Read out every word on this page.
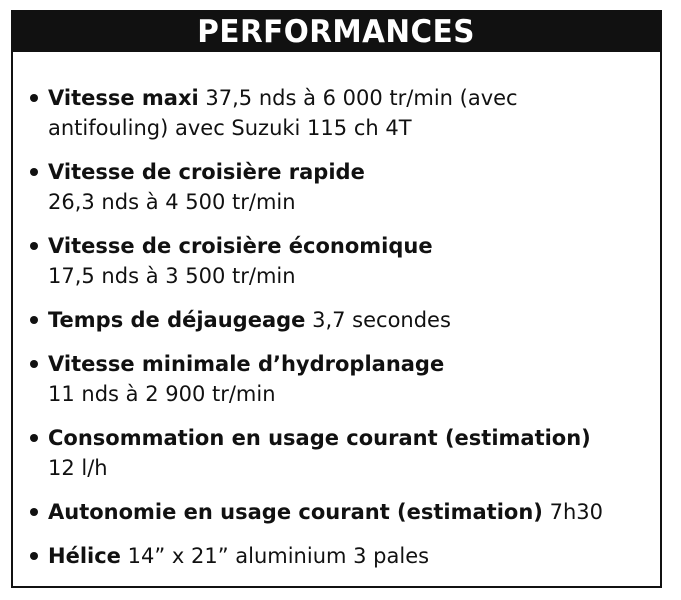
PERFORMANCES
Vitesse maxi 37,5 nds à 6 000 tr/min (avec
antifouling) avec Suzuki 115 ch 4T
Vitesse de croisière rapide
26,3 nds à 4 500 tr/min
Vitesse de croisière économique
17,5 nds à 3 500 tr/min
Temps de déjaugeage 3,7 secondes
Vitesse minimale d’hydroplanage
11 nds à 2 900 tr/min
Consommation en usage courant (estimation)
12 l/h
Autonomie en usage courant (estimation) 7h30
Hélice 14” x 21” aluminium 3 pales
